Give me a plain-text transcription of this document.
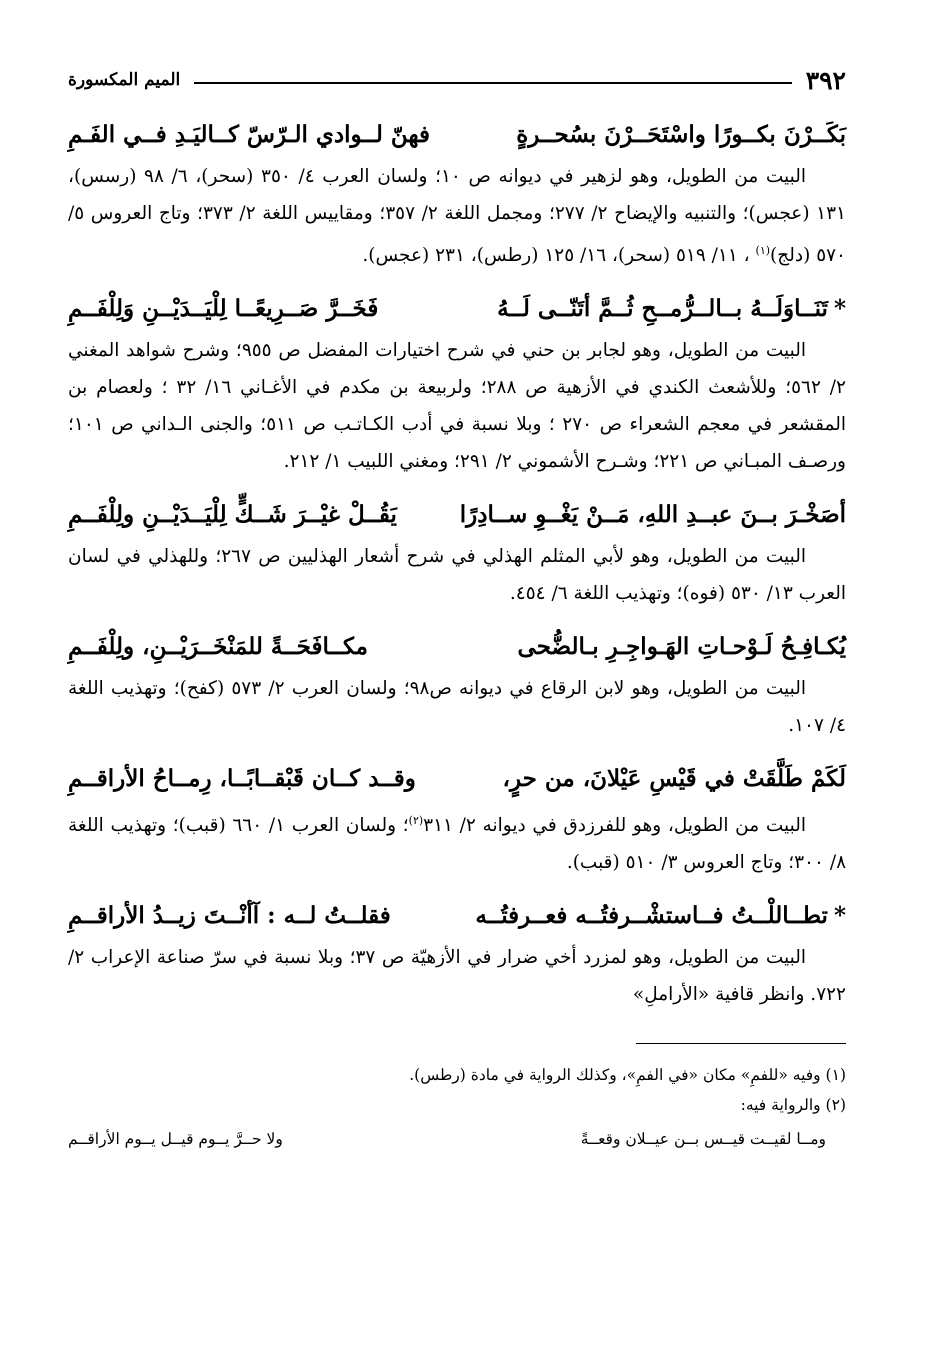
٣٩٢
الميم المكسورة
بَكَــرْنَ بكــورًا واسْتَحَــرْنَ بسُحــرةٍ
فهنّ لــوادي الـرّسّ كــاليَـدِ فــي الفَـمِ

البيت من الطويل، وهو لزهير في ديوانه ص ١٠؛ ولسان العرب ٤/ ٣٥٠ (سحر)، ٦/ ٩٨ (رسس)، ١٣١ (عجس)؛ والتنبيه والإيضاح ٢/ ٢٧٧؛ ومجمل اللغة ٢/ ٣٥٧؛ ومقاييس اللغة ٢/ ٣٧٣؛ وتاج العروس ٥/ ٥٧٠ (دلج)$^{(١)}$ ، ١١/ ٥١٩ (سحر)، ١٦/ ١٢٥ (رطس)، ٢٣١ (عجس).

*تَنَــاوَلَــهُ بــالــرُّمــحِ ثُــمَّ أتَنّــى لَــهُ
فَخَــرَّ صَــرِيعًــا لِلْيَــدَيْــنِ وَلِلْفَــمِ

البيت من الطويل، وهو لجابر بن حني في شرح اختيارات المفضل ص ٩٥٥؛ وشرح شواهد المغني ٢/ ٥٦٢؛ وللأشعث الكندي في الأزهية ص ٢٨٨؛ ولربيعة بن مكدم في الأغـاني ١٦/ ٣٢ ؛ ولعصام بن المقشعر في معجم الشعراء ص ٢٧٠ ؛ وبلا نسبة في أدب الكـاتـب ص ٥١١؛ والجنى الـداني ص ١٠١؛ ورصـف المبـاني ص ٢٢١؛ وشـرح الأشموني ٢/ ٢٩١؛ ومغني اللبيب ١/ ٢١٢.

أصَخْـرَ بــنَ عبــدِ اللهِ، مَــنْ يَغْــوِ ســادِرًا
يَقُــلْ غيْــرَ شَــكٍّ لِلْيَــدَيْــنِ ولِلْفَــمِ

البيت من الطويل، وهو لأبي المثلم الهذلي في شرح أشعار الهذليين ص ٢٦٧؛ وللهذلي في لسان العرب ١٣/ ٥٣٠ (فوه)؛ وتهذيب اللغة ٦/ ٤٥٤.

يُكـافِـحُ لَـوْحـاتِ الهَـواجِـرِ بـالضُّحى
مكــافَحَــةً للمَنْخَــرَيْــنِ، ولِلْفَــمِ

البيت من الطويل، وهو لابن الرقاع في ديوانه ص٩٨؛ ولسان العرب ٢/ ٥٧٣ (كفح)؛ وتهذيب اللغة ٤/ ١٠٧.

لَكَمْ طَلَّقَتْ في قَيْسِ عَيْلانَ، من حرٍ،
وقــد كــان قَبْقــابًــا، رِمــاحُ الأراقــمِ

البيت من الطويل، وهو للفرزدق في ديوانه ٢/ ٣١١$^{(٢)}$؛ ولسان العرب ١/ ٦٦٠ (قبب)؛ وتهذيب اللغة ٨/ ٣٠٠؛ وتاج العروس ٣/ ٥١٠ (قبب).

*تطــاللْــتُ فــاستشْــرفتُــه فعــرفتُــه
فقلــتُ لــه : آأنْــتَ زيــدُ الأراقــمِ

البيت من الطويل، وهو لمزرد أخي ضرار في الأزهيّة ص ٣٧؛ وبلا نسبة في سرّ صناعة الإعراب ٢/ ٧٢٢. وانظر قافية «الأراملِ»

(١) وفيه «للفمِ» مكان «في الفمِ»، وكذلك الرواية في مادة (رطس).
(٢) والرواية فيه:
ومــا لقيــت قيــس بــن عيــلان وقعــةً
ولا حــرَّ يــوم قيــل يــوم الأراقــم
